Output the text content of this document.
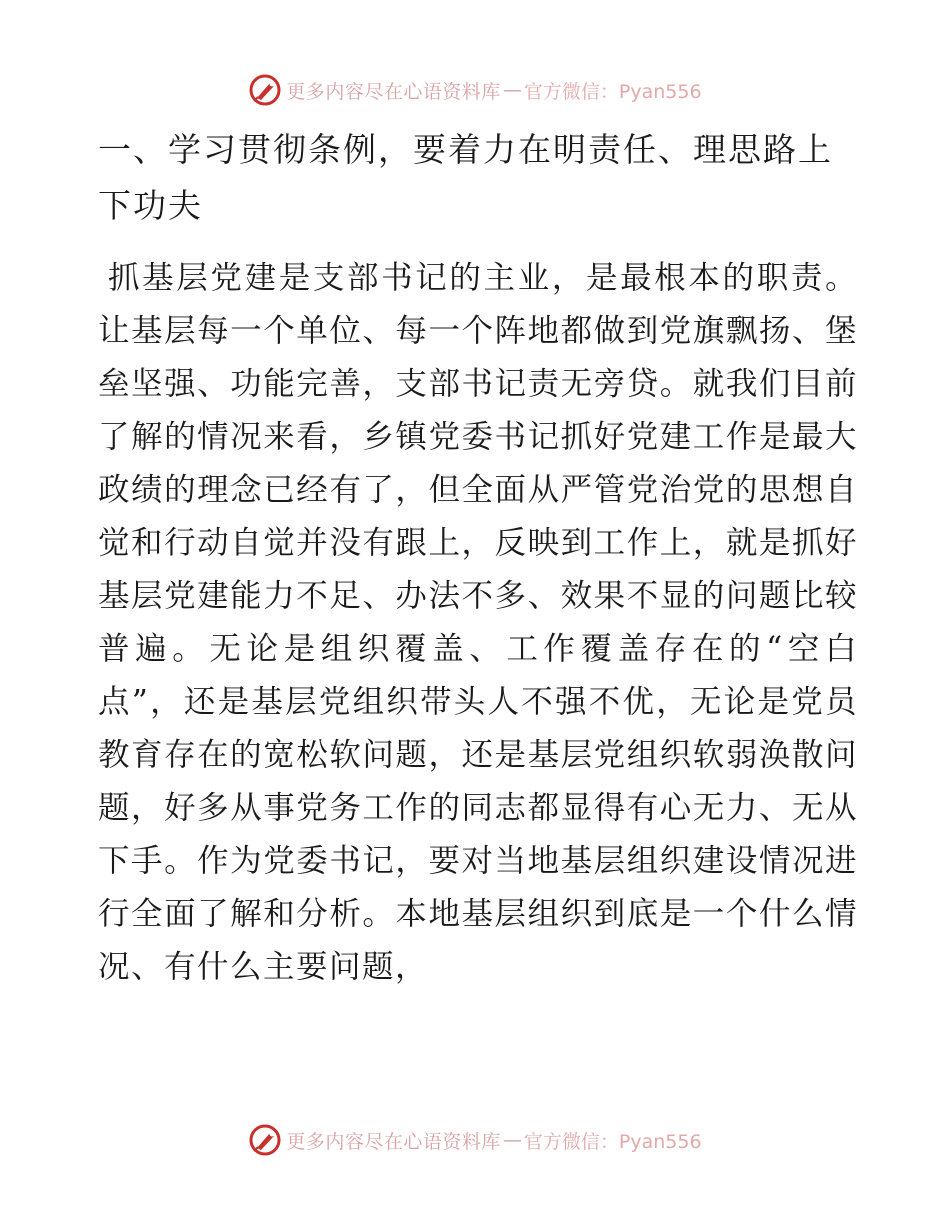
更多内容尽在心语资料库 — 官方微信：Pyan556
一、学习贯彻条例，要着力在明责任、理思路上下功夫

抓基层党建是支部书记的主业，是最根本的职责。让基层每一个单位、每一个阵地都做到党旗飘扬、堡垒坚强、功能完善，支部书记责无旁贷。就我们目前了解的情况来看，乡镇党委书记抓好党建工作是最大政绩的理念已经有了，但全面从严管党治党的思想自觉和行动自觉并没有跟上，反映到工作上，就是抓好基层党建能力不足、办法不多、效果不显的问题比较普遍。无论是组织覆盖、工作覆盖存在的“空白点”，还是基层党组织带头人不强不优，无论是党员教育存在的宽松软问题，还是基层党组织软弱涣散问题，好多从事党务工作的同志都显得有心无力、无从下手。作为党委书记，要对当地基层组织建设情况进行全面了解和分析。本地基层组织到底是一个什么情况、有什么主要问题，

更多内容尽在心语资料库 — 官方微信：Pyan556
